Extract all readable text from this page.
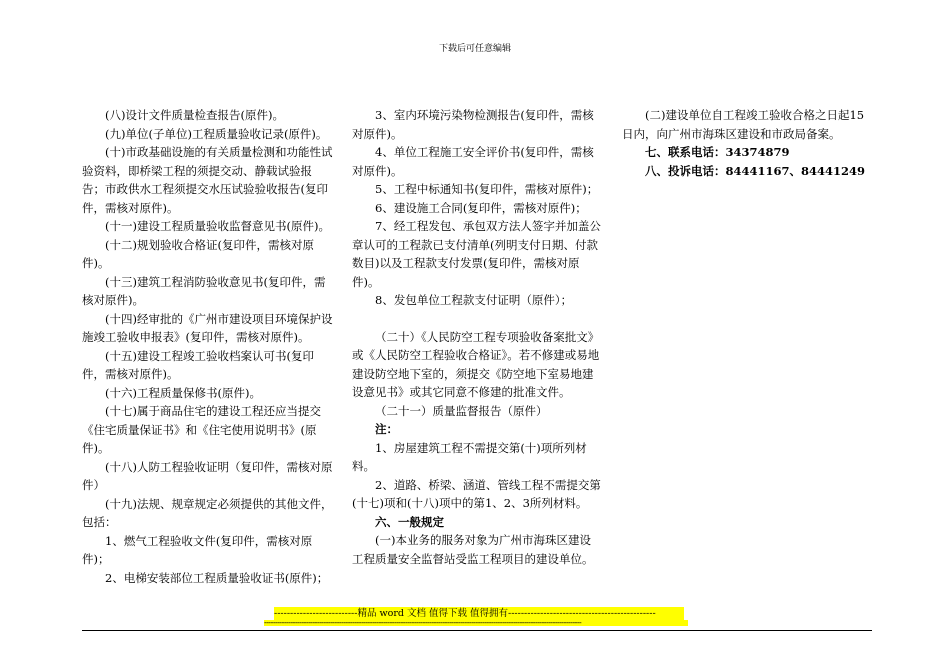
下载后可任意编辑

(八)设计文件质量检查报告(原件)。

(九)单位(子单位)工程质量验收记录(原件)。

(十)市政基础设施的有关质量检测和功能性试验资料，即桥梁工程的须提交动、静载试验报告；市政供水工程须提交水压试验验收报告(复印件，需核对原件)。

(十一)建设工程质量验收监督意见书(原件)。

(十二)规划验收合格证(复印件，需核对原件)。

(十三)建筑工程消防验收意见书(复印件，需核对原件)。

(十四)经审批的《广州市建设项目环境保护设施竣工验收申报表》(复印件，需核对原件)。

(十五)建设工程竣工验收档案认可书(复印件，需核对原件)。

(十六)工程质量保修书(原件)。

(十七)属于商品住宅的建设工程还应当提交《住宅质量保证书》和《住宅使用说明书》(原件)。

(十八)人防工程验收证明（复印件，需核对原件）

(十九)法规、规章规定必须提供的其他文件，包括：

1、燃气工程验收文件(复印件，需核对原件)；

2、电梯安装部位工程质量验收证书(原件)；

3、室内环境污染物检测报告(复印件，需核对原件)。

4、单位工程施工安全评价书(复印件，需核对原件)。

5、工程中标通知书(复印件，需核对原件)；

6、建设施工合同(复印件，需核对原件)；

7、经工程发包、承包双方法人签字并加盖公章认可的工程款已支付清单(列明支付日期、付款数目)以及工程款支付发票(复印件，需核对原件)。

8、发包单位工程款支付证明（原件）；

（二十）《人民防空工程专项验收备案批文》或《人民防空工程验收合格证》。若不修建或易地建设防空地下室的，须提交《防空地下室易地建设意见书》或其它同意不修建的批准文件。

（二十一）质量监督报告（原件）

注：

1、房屋建筑工程不需提交第(十)项所列材料。

2、道路、桥梁、涵道、管线工程不需提交第(十七)项和(十八)项中的第1、2、3所列材料。

六、一般规定

(一)本业务的服务对象为广州市海珠区建设工程质量安全监督站受监工程项目的建设单位。

(二)建设单位自工程竣工验收合格之日起15日内，向广州市海珠区建设和市政局备案。

七、联系电话：34374879

八、投诉电话：84441167、84441249

--------------------------精品 word 文档 值得下载 值得拥有----------------------------------------------
------------------------------------------------------------------------------------------------------------------------------------------------
